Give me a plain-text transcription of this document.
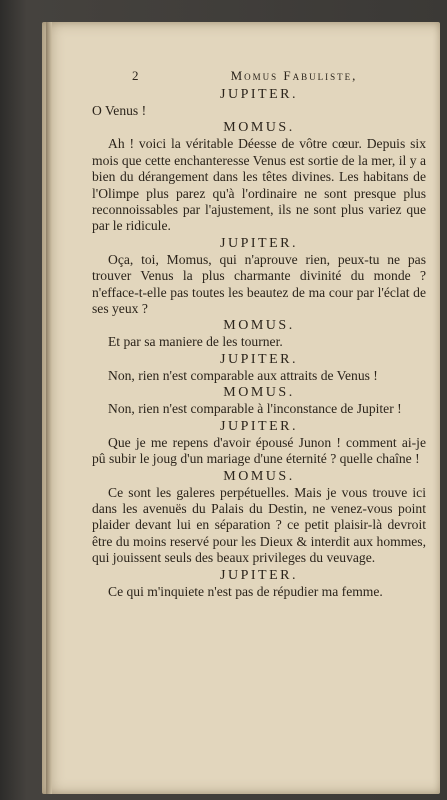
2	Momus Fabuliste,

JUPITER.

O Venus !

MOMUS.

Ah ! voici la véritable Déesse de vôtre cœur. Depuis six mois que cette enchanteresse Venus est sortie de la mer, il y a bien du dérangement dans les têtes divines. Les habitans de l'Olimpe plus parez qu'à l'ordinaire ne sont presque plus reconnoissables par l'ajustement, ils ne sont plus variez que par le ridicule.

JUPITER.

Oça, toi, Momus, qui n'aprouve rien, peux-tu ne pas trouver Venus la plus charmante divinité du monde ? n'efface-t-elle pas toutes les beautez de ma cour par l'éclat de ses yeux ?

MOMUS.

Et par sa maniere de les tourner.

JUPITER.

Non, rien n'est comparable aux attraits de Venus !

MOMUS.

Non, rien n'est comparable à l'inconstance de Jupiter !

JUPITER.

Que je me repens d'avoir épousé Junon ! comment ai-je pû subir le joug d'un mariage d'une éternité ? quelle chaîne !

MOMUS.

Ce sont les galeres perpétuelles. Mais je vous trouve ici dans les avenuës du Palais du Destin, ne venez-vous point plaider devant lui en séparation ? ce petit plaisir-là devroit être du moins reservé pour les Dieux & interdit aux hommes, qui jouissent seuls des beaux privileges du veuvage.

JUPITER.

Ce qui m'inquiete n'est pas de répudier ma femme.
